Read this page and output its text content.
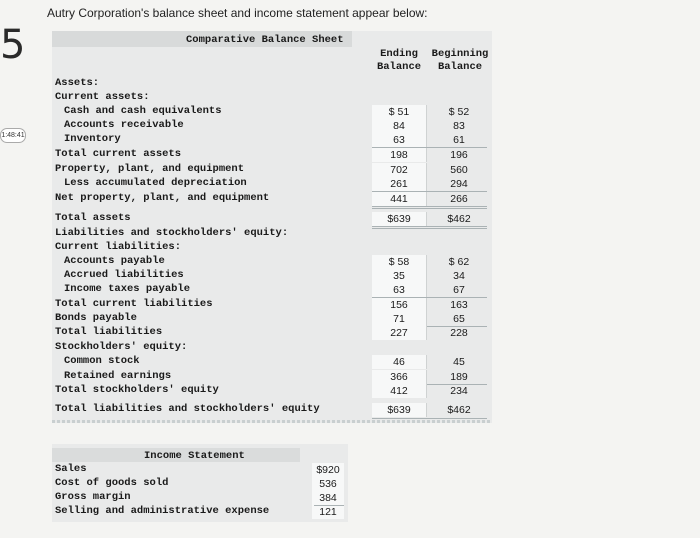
Autry Corporation's balance sheet and income statement appear below:
5
1:48:41
Comparative Balance Sheet
Ending
Balance
Beginning
Balance
Assets:
Current assets:
Cash and cash equivalents	$ 51	$ 52
Accounts receivable	84	83
Inventory	63	61
Total current assets	198	196
Property, plant, and equipment	702	560
Less accumulated depreciation	261	294
Net property, plant, and equipment	441	266
Total assets	$639	$462
Liabilities and stockholders' equity:
Current liabilities:
Accounts payable	$ 58	$ 62
Accrued liabilities	35	34
Income taxes payable	63	67
Total current liabilities	156	163
Bonds payable	71	65
Total liabilities	227	228
Stockholders' equity:
Common stock	46	45
Retained earnings	366	189
Total stockholders' equity	412	234
Total liabilities and stockholders' equity	$639	$462
Income Statement
Sales	$920
Cost of goods sold	536
Gross margin	384
Selling and administrative expense	121
